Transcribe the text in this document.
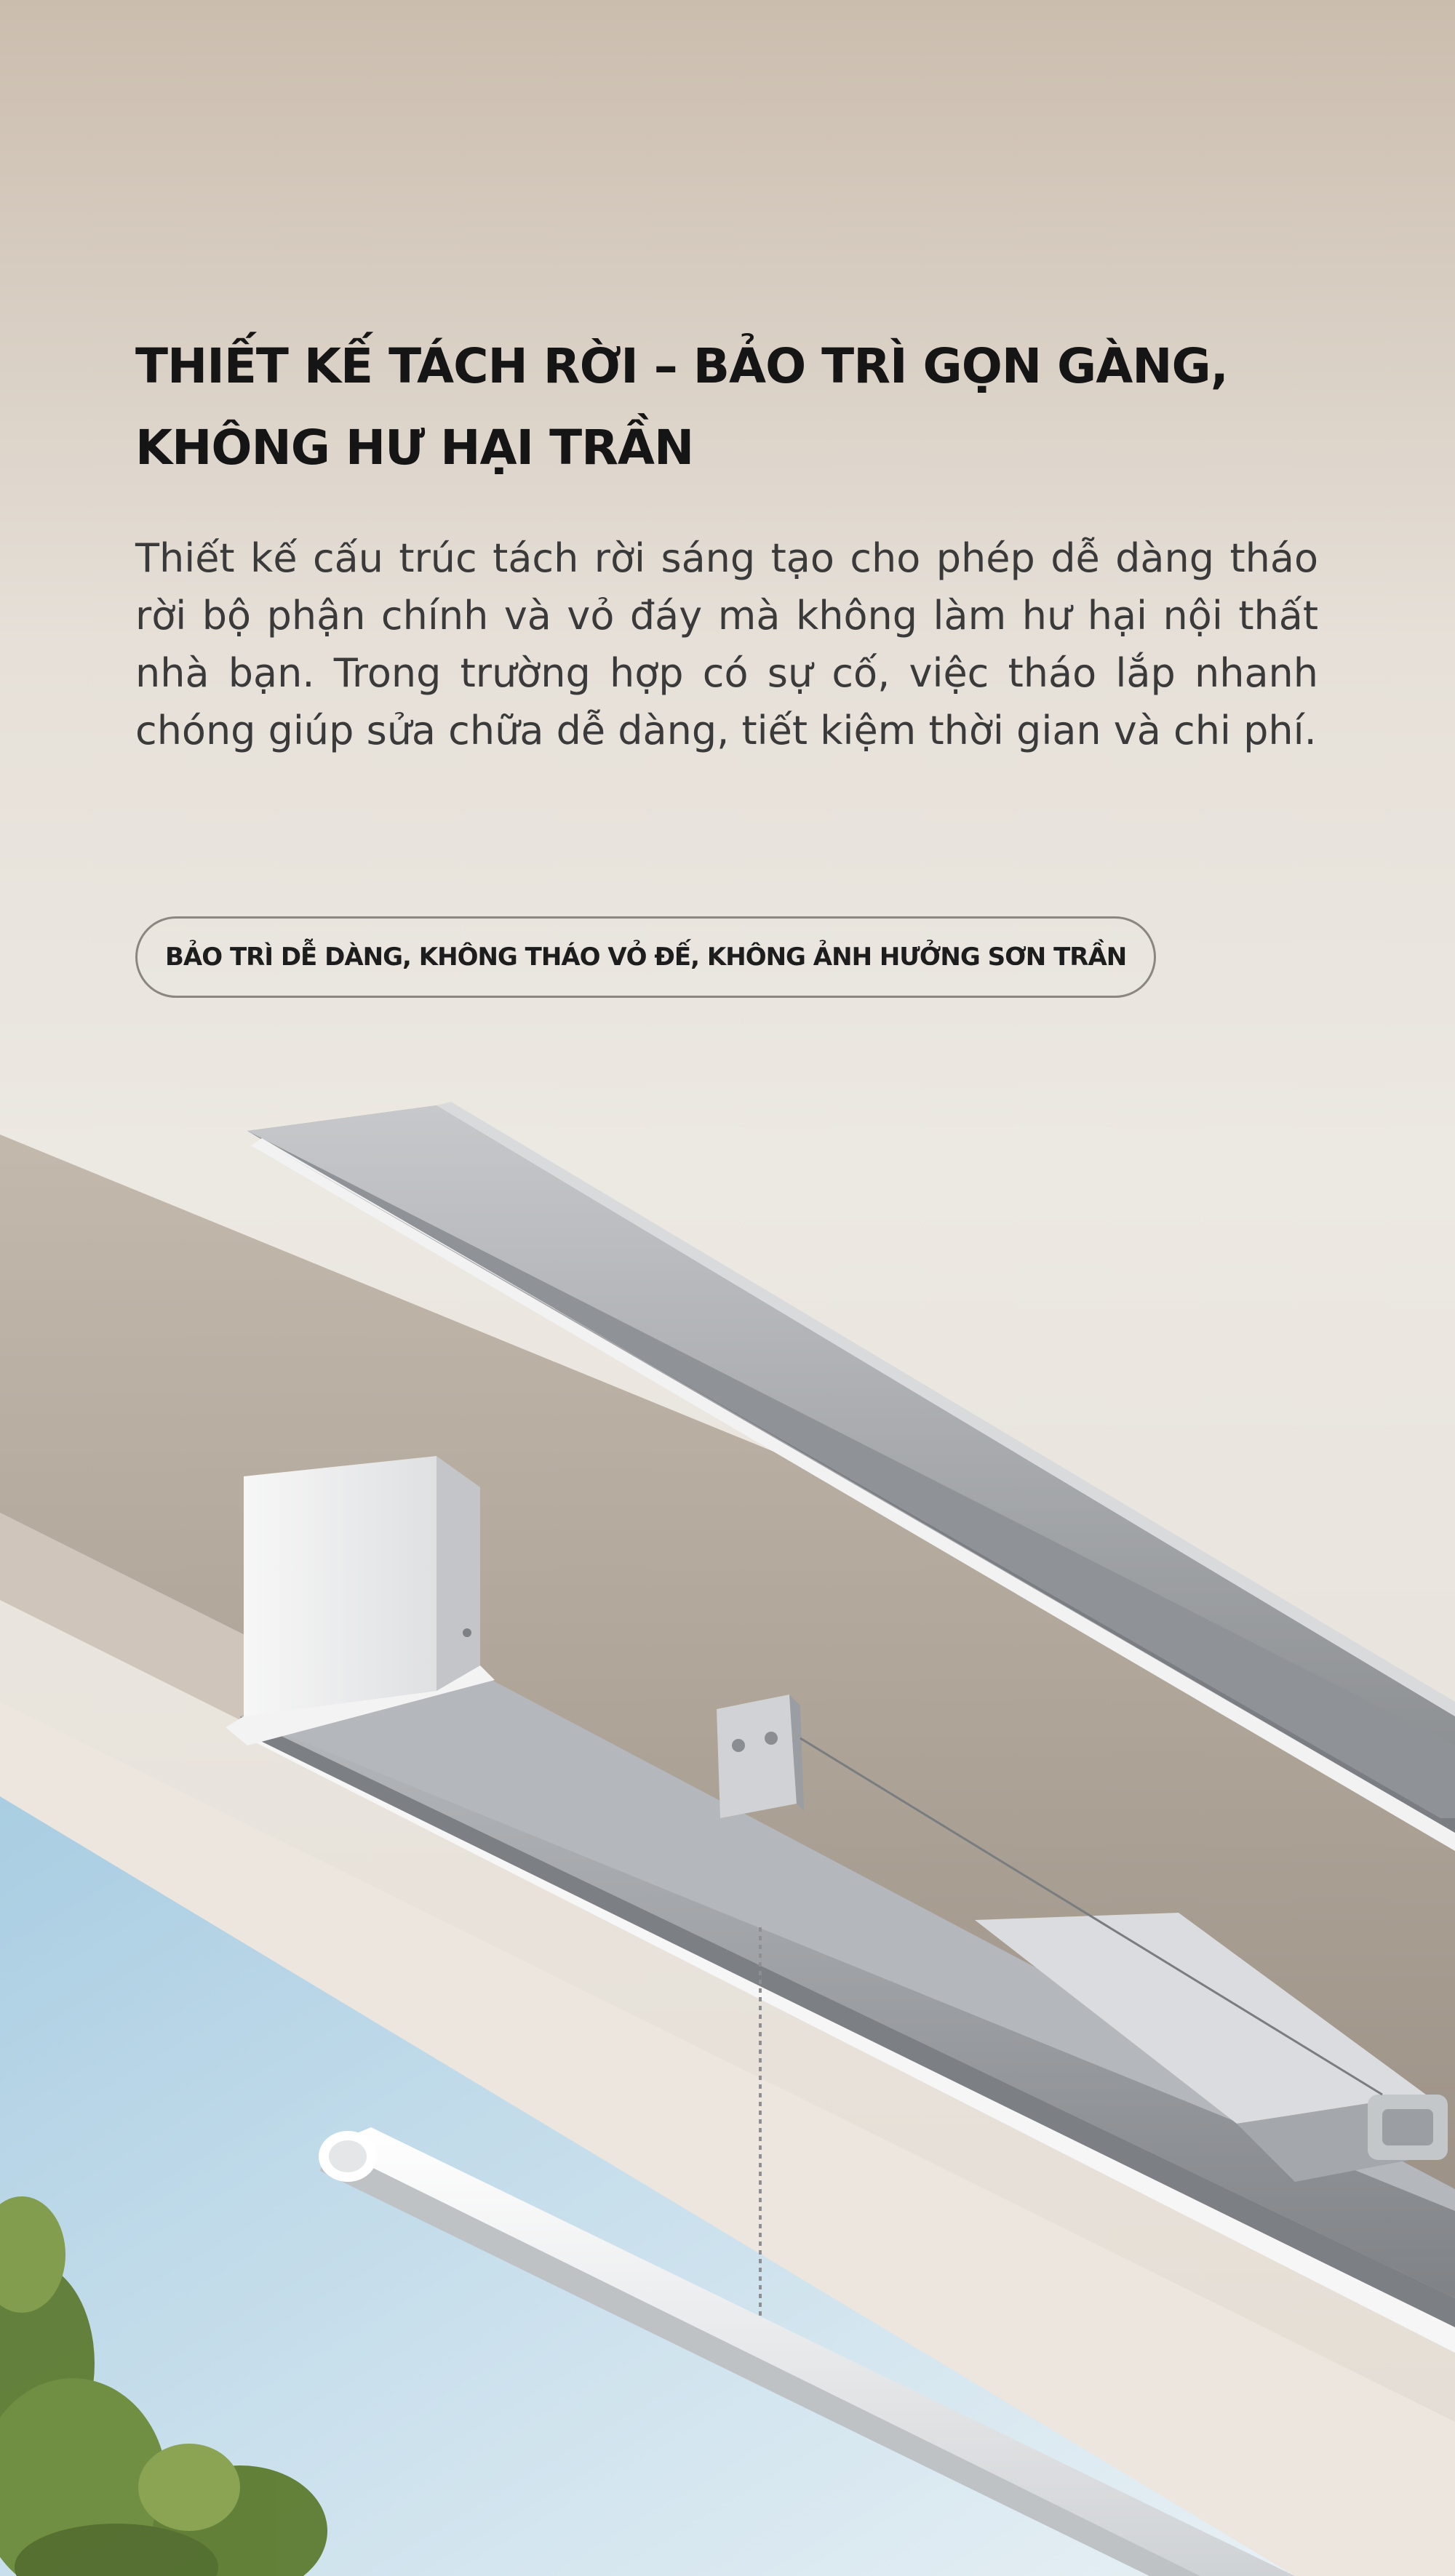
THIẾT KẾ TÁCH RỜI – BẢO TRÌ GỌN GÀNG,
KHÔNG HƯ HẠI TRẦN

Thiết kế cấu trúc tách rời sáng tạo cho phép dễ dàng tháo rời bộ phận chính và vỏ đáy mà không làm hư hại nội thất nhà bạn. Trong trường hợp có sự cố, việc tháo lắp nhanh chóng giúp sửa chữa dễ dàng, tiết kiệm thời gian và chi phí.

BẢO TRÌ DỄ DÀNG, KHÔNG THÁO VỎ ĐẾ, KHÔNG ẢNH HƯỞNG SƠN TRẦN
